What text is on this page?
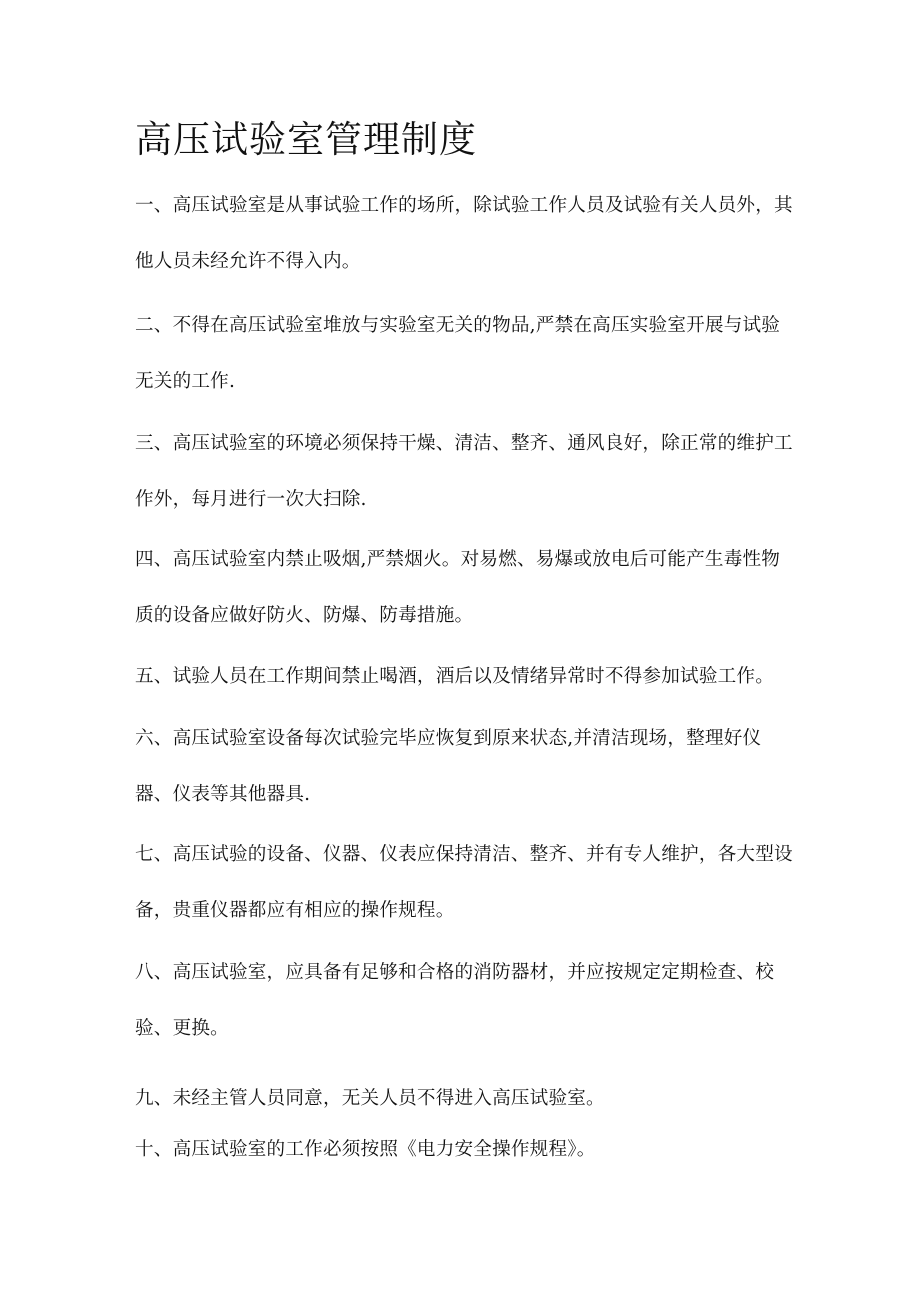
高压试验室管理制度

一、高压试验室是从事试验工作的场所，除试验工作人员及试验有关人员外，其
他人员未经允许不得入内。

二、不得在高压试验室堆放与实验室无关的物品,严禁在高压实验室开展与试验
无关的工作.

三、高压试验室的环境必须保持干燥、清洁、整齐、通风良好，除正常的维护工
作外，每月进行一次大扫除.

四、高压试验室内禁止吸烟,严禁烟火。对易燃、易爆或放电后可能产生毒性物
质的设备应做好防火、防爆、防毒措施。

五、试验人员在工作期间禁止喝酒，酒后以及情绪异常时不得参加试验工作。

六、高压试验室设备每次试验完毕应恢复到原来状态,并清洁现场，整理好仪
器、仪表等其他器具.

七、高压试验的设备、仪器、仪表应保持清洁、整齐、并有专人维护，各大型设
备，贵重仪器都应有相应的操作规程。

八、高压试验室，应具备有足够和合格的消防器材，并应按规定定期检查、校
验、更换。

九、未经主管人员同意，无关人员不得进入高压试验室。

十、高压试验室的工作必须按照《电力安全操作规程》。
